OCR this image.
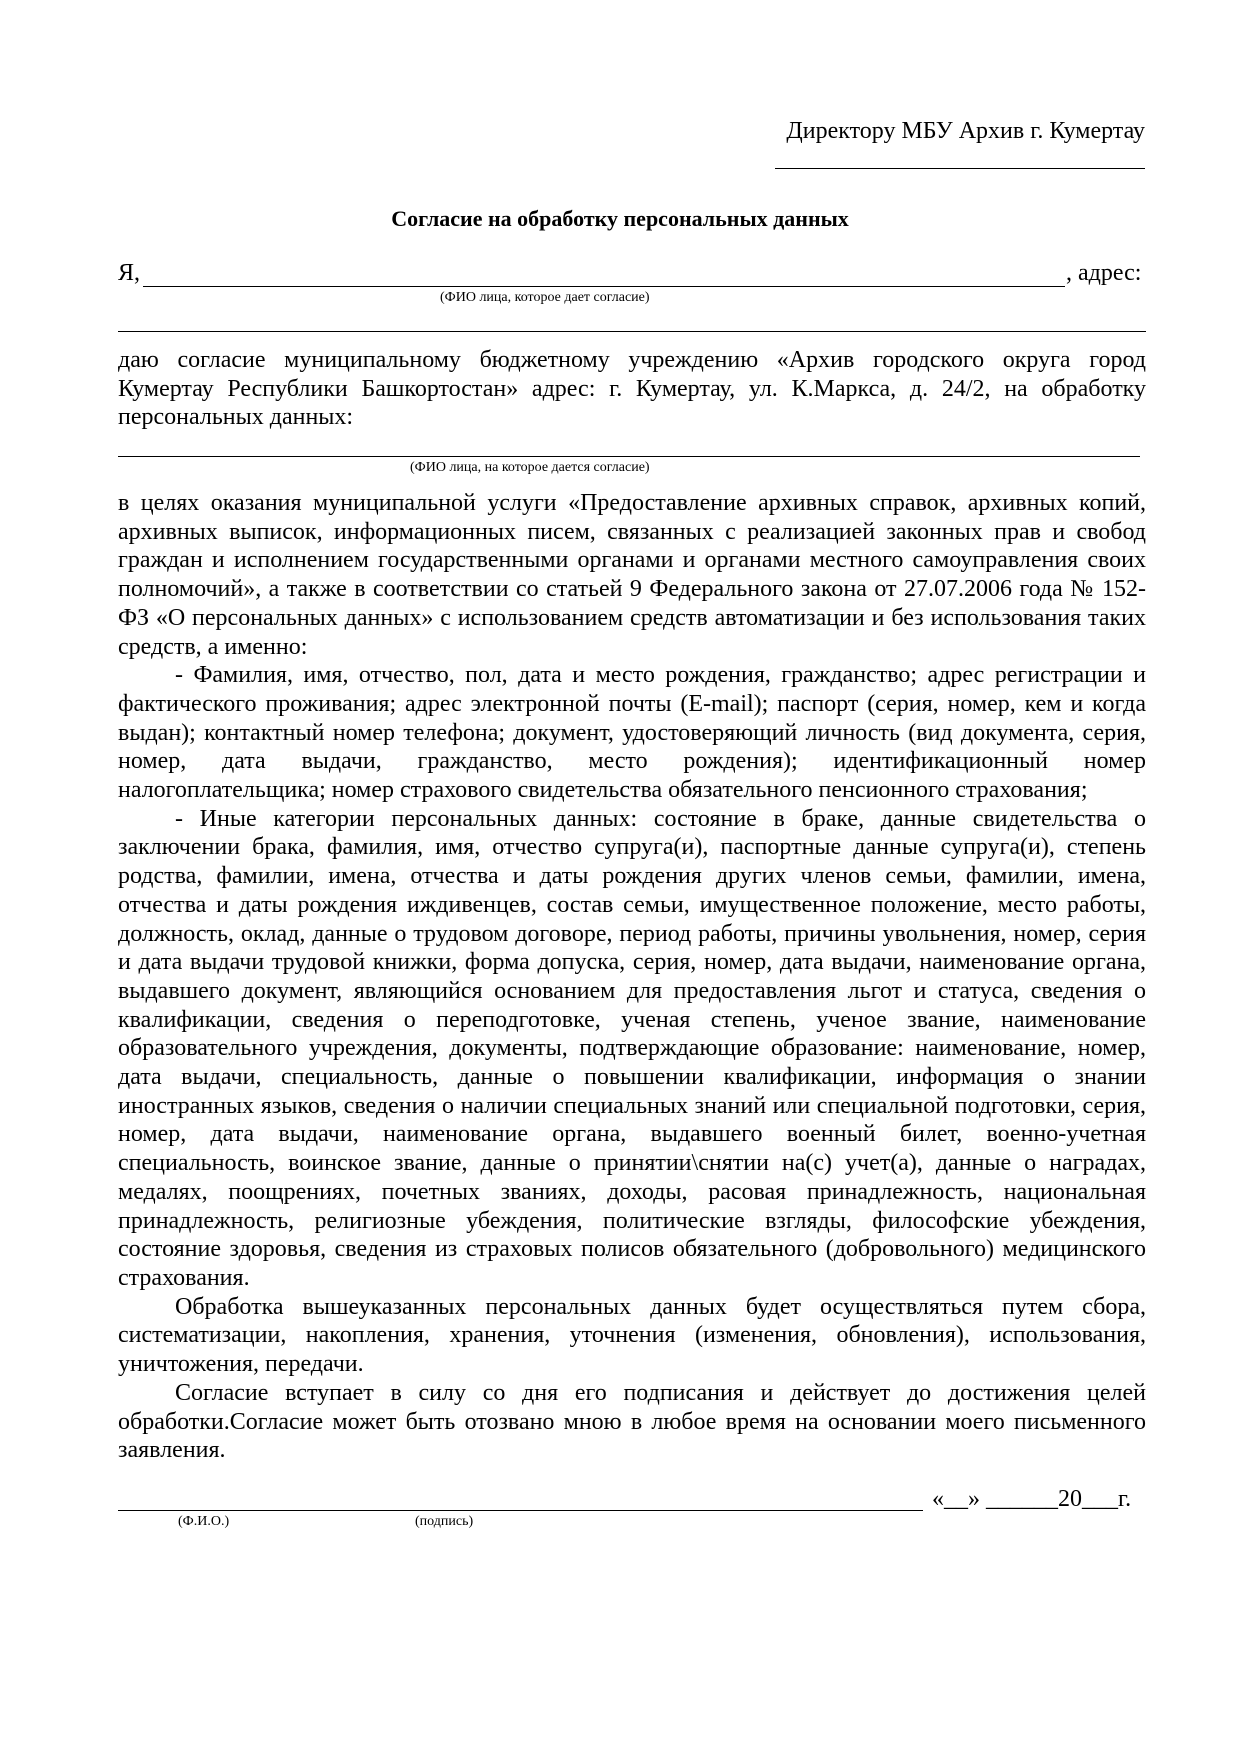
Директору МБУ Архив г. Кумертау
Согласие на обработку персональных данных
Я,	, адрес:
(ФИО лица, которое дает согласие)

даю согласие муниципальному бюджетному учреждению «Архив городского округа город Кумертау Республики Башкортостан» адрес: г. Кумертау, ул. К.Маркса, д. 24/2, на обработку персональных данных:

(ФИО лица, на которое дается согласие)

в целях оказания муниципальной услуги «Предоставление архивных справок, архивных копий, архивных выписок, информационных писем, связанных с реализацией законных прав и свобод граждан и исполнением государственными органами и органами местного самоуправления своих полномочий», а также в соответствии со статьей 9 Федерального закона от 27.07.2006 года № 152-ФЗ «О персональных данных» с использованием средств автоматизации и без использования таких средств, а именно:

- Фамилия, имя, отчество, пол, дата и место рождения, гражданство; адрес регистрации и фактического проживания; адрес электронной почты (E-mail); паспорт (серия, номер, кем и когда выдан); контактный номер телефона; документ, удостоверяющий личность (вид документа, серия, номер, дата выдачи, гражданство, место рождения); идентификационный номер налогоплательщика; номер страхового свидетельства обязательного пенсионного страхования;

- Иные категории персональных данных: состояние в браке, данные свидетельства о заключении брака, фамилия, имя, отчество супруга(и), паспортные данные супруга(и), степень родства, фамилии, имена, отчества и даты рождения других членов семьи, фамилии, имена, отчества и даты рождения иждивенцев, состав семьи, имущественное положение, место работы, должность, оклад, данные о трудовом договоре, период работы, причины увольнения, номер, серия и дата выдачи трудовой книжки, форма допуска, серия, номер, дата выдачи, наименование органа, выдавшего документ, являющийся основанием для предоставления льгот и статуса, сведения о квалификации, сведения о переподготовке, ученая степень, ученое звание, наименование образовательного учреждения, документы, подтверждающие образование: наименование, номер, дата выдачи, специальность, данные о повышении квалификации, информация о знании иностранных языков, сведения о наличии специальных знаний или специальной подготовки, серия, номер, дата выдачи, наименование органа, выдавшего военный билет, военно-учетная специальность, воинское звание, данные о принятии\снятии на(с) учет(а), данные о наградах, медалях, поощрениях, почетных званиях, доходы, расовая принадлежность, национальная принадлежность, религиозные убеждения, политические взгляды, философские убеждения, состояние здоровья, сведения из страховых полисов обязательного (добровольного) медицинского страхования.

Обработка вышеуказанных персональных данных будет осуществляться путем сбора, систематизации, накопления, хранения, уточнения (изменения, обновления), использования, уничтожения, передачи.

Согласие вступает в силу со дня его подписания и действует до достижения целей обработки.Согласие может быть отозвано мною в любое время на основании моего письменного заявления.

«__» ______20___г.
(Ф.И.О.)	(подпись)
